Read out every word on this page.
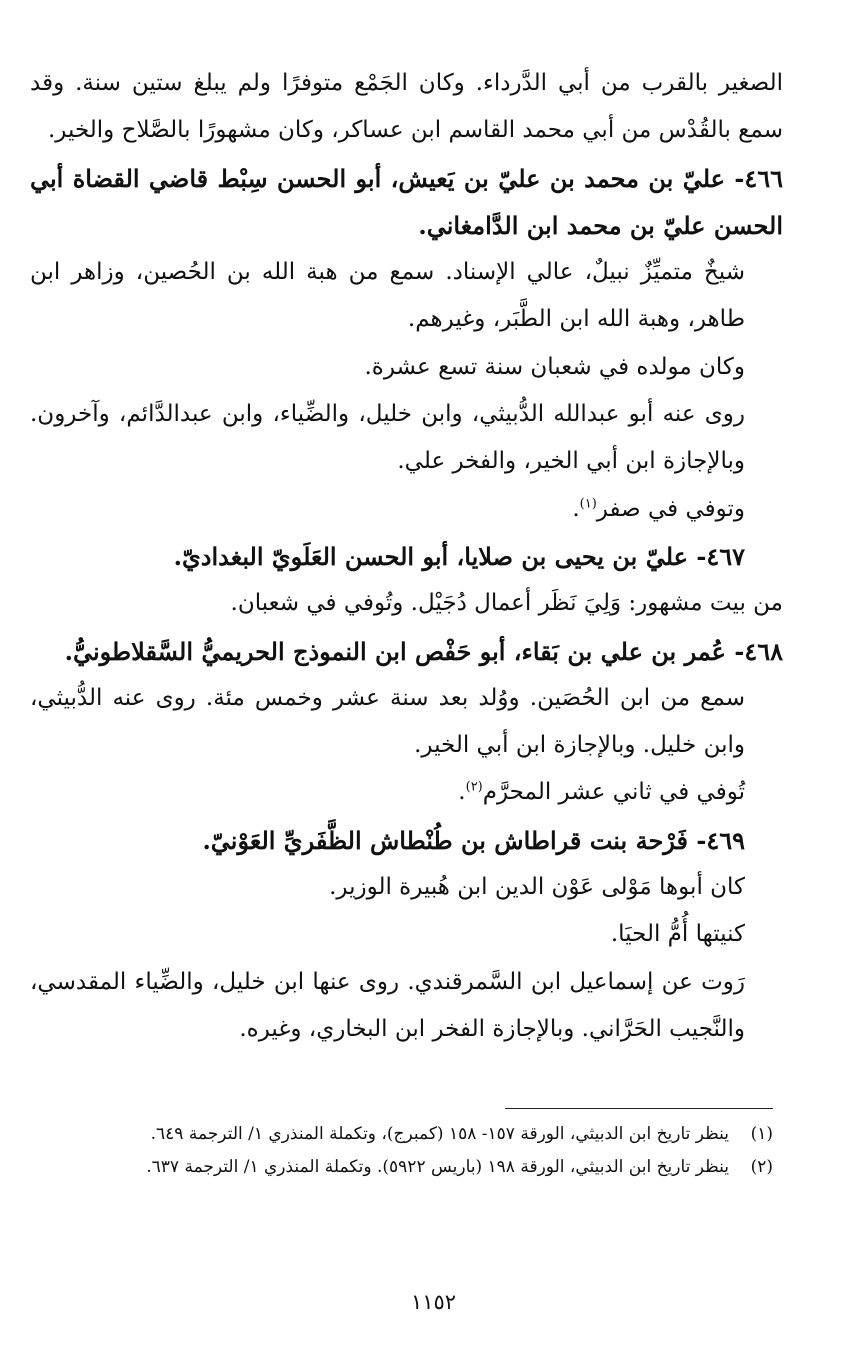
الصغير بالقرب من أبي الدَّرداء. وكان الجَمْع متوفرًا ولم يبلغ ستين سنة. وقد سمع بالقُدْس من أبي محمد القاسم ابن عساكر، وكان مشهورًا بالصَّلاح والخير.

٤٦٦- عليّ بن محمد بن عليّ بن يَعيش، أبو الحسن سِبْط قاضي القضاة أبي الحسن عليّ بن محمد ابن الدَّامغاني.

شيخٌ متميِّزٌ نبيلٌ، عالي الإسناد. سمع من هبة الله بن الحُصين، وزاهر ابن طاهر، وهبة الله ابن الطَّبَر، وغيرهم.

وكان مولده في شعبان سنة تسع عشرة.

روى عنه أبو عبدالله الدُّبيثي، وابن خليل، والضِّياء، وابن عبدالدَّائم، وآخرون. وبالإجازة ابن أبي الخير، والفخر علي.

وتوفي في صفر$^{(١)}$.

٤٦٧- عليّ بن يحيى بن صلايا، أبو الحسن العَلَويّ البغداديّ.

من بيت مشهور: وَلِيَ نَظَر أعمال دُجَيْل. وتُوفي في شعبان.

٤٦٨- عُمر بن علي بن بَقاء، أبو حَفْص ابن النموذج الحريميُّ السَّقلاطونيُّ.

سمع من ابن الحُصَين. ووُلد بعد سنة عشر وخمس مئة. روى عنه الدُّبيثي، وابن خليل. وبالإجازة ابن أبي الخير.

تُوفي في ثاني عشر المحرَّم$^{(٢)}$.

٤٦٩- فَرْحة بنت قراطاش بن طُنْطاش الظَّفَريِّ العَوْنيّ.

كان أبوها مَوْلى عَوْن الدين ابن هُبيرة الوزير.

كنيتها أُمُّ الحيَا.

رَوت عن إسماعيل ابن السَّمرقندي. روى عنها ابن خليل، والضِّياء المقدسي، والنَّجيب الحَرَّاني. وبالإجازة الفخر ابن البخاري، وغيره.

(١)ينظر تاريخ ابن الدبيثي، الورقة ١٥٧- ١٥٨ (كمبرج)، وتكملة المنذري ١/ الترجمة ٦٤٩.

(٢)ينظر تاريخ ابن الدبيثي، الورقة ١٩٨ (باريس ٥٩٢٢). وتكملة المنذري ١/ الترجمة ٦٣٧.

١١٥٢
